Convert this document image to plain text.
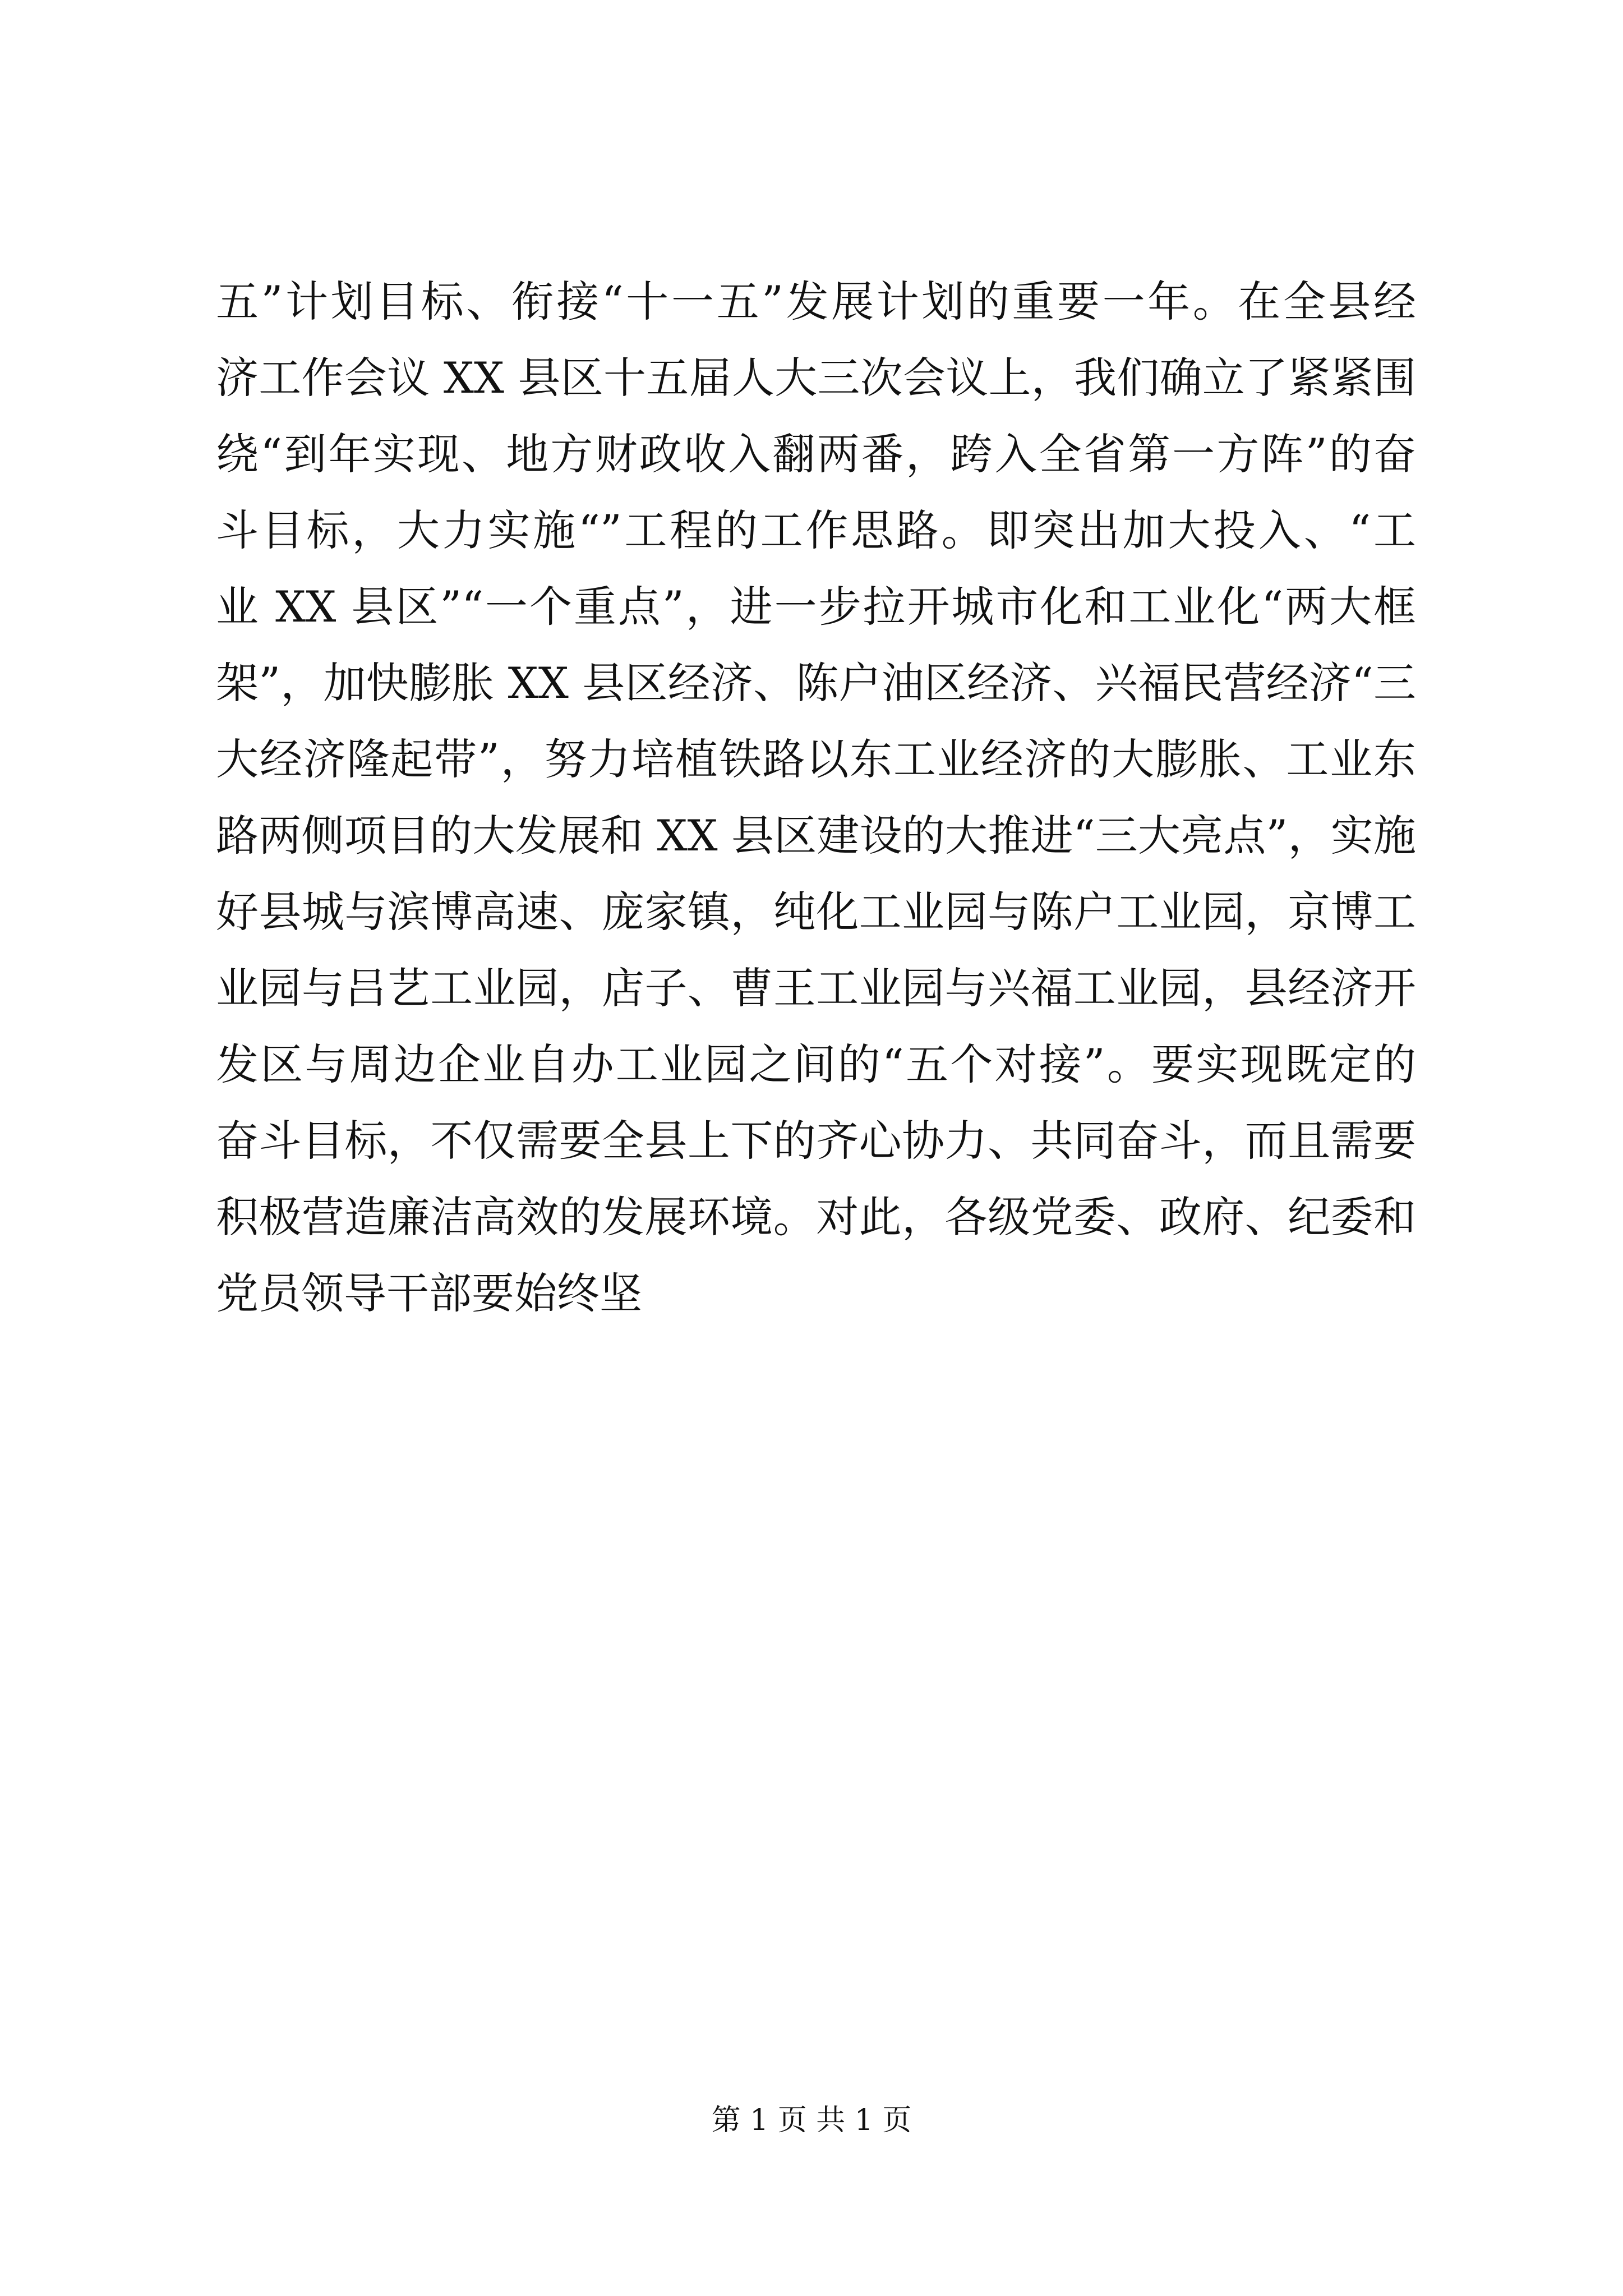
五”计划目标、衔接“十一五”发展计划的重要一年。在全县经
济工作会议 XX 县区十五届人大三次会议上，我们确立了紧紧围
绕“到年实现、地方财政收入翻两番，跨入全省第一方阵”的奋
斗目标，大力实施“”工程的工作思路。即突出加大投入、“工
业 XX 县区”“一个重点”，进一步拉开城市化和工业化“两大框
架”，加快膨胀 XX 县区经济、陈户油区经济、兴福民营经济“三
大经济隆起带”，努力培植铁路以东工业经济的大膨胀、工业东
路两侧项目的大发展和 XX 县区建设的大推进“三大亮点”，实施
好县城与滨博高速、庞家镇，纯化工业园与陈户工业园，京博工
业园与吕艺工业园，店子、曹王工业园与兴福工业园，县经济开
发区与周边企业自办工业园之间的“五个对接”。要实现既定的
奋斗目标，不仅需要全县上下的齐心协力、共同奋斗，而且需要
积极营造廉洁高效的发展环境。对此，各级党委、政府、纪委和
党员领导干部要始终坚
第 1 页 共 1 页
